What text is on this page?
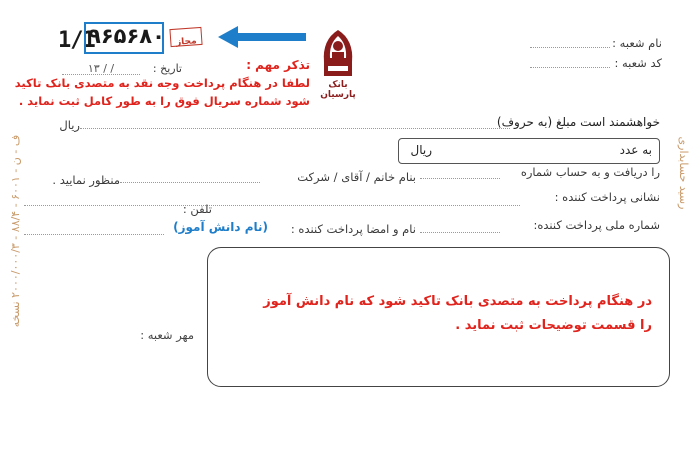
ف - ن - ۶۰۰۱ - ۸۸/۴ - ۲۰۰۰/۰۰۰/۳ نسخه	رسید حسابداری
بانک پارسیان
نام شعبه :
کد شعبه :
1/1
۹۶۵۶۸۰	مجاز
تاریخ :
۱۳ / /	تذکر مهم :
لطفا در هنگام پرداخت وجه نقد به متصدی بانک تاکید
شود شماره سریال فوق را به طور کامل ثبت نماید .
خواهشمند است مبلغ (به حروف)
ریال
به عدد
ریال
را دریافت و به حساب شماره
بنام خانم / آقای / شرکت
منظور نمایید .
نشانی پرداخت کننده :
تلفن :
شماره ملی پرداخت کننده:
نام و امضا پرداخت کننده :
(نام دانش آموز)
در هنگام پرداخت به متصدی بانک تاکید شود که نام دانش آموز
را قسمت توضیحات ثبت نماید .
مهر شعبه :
